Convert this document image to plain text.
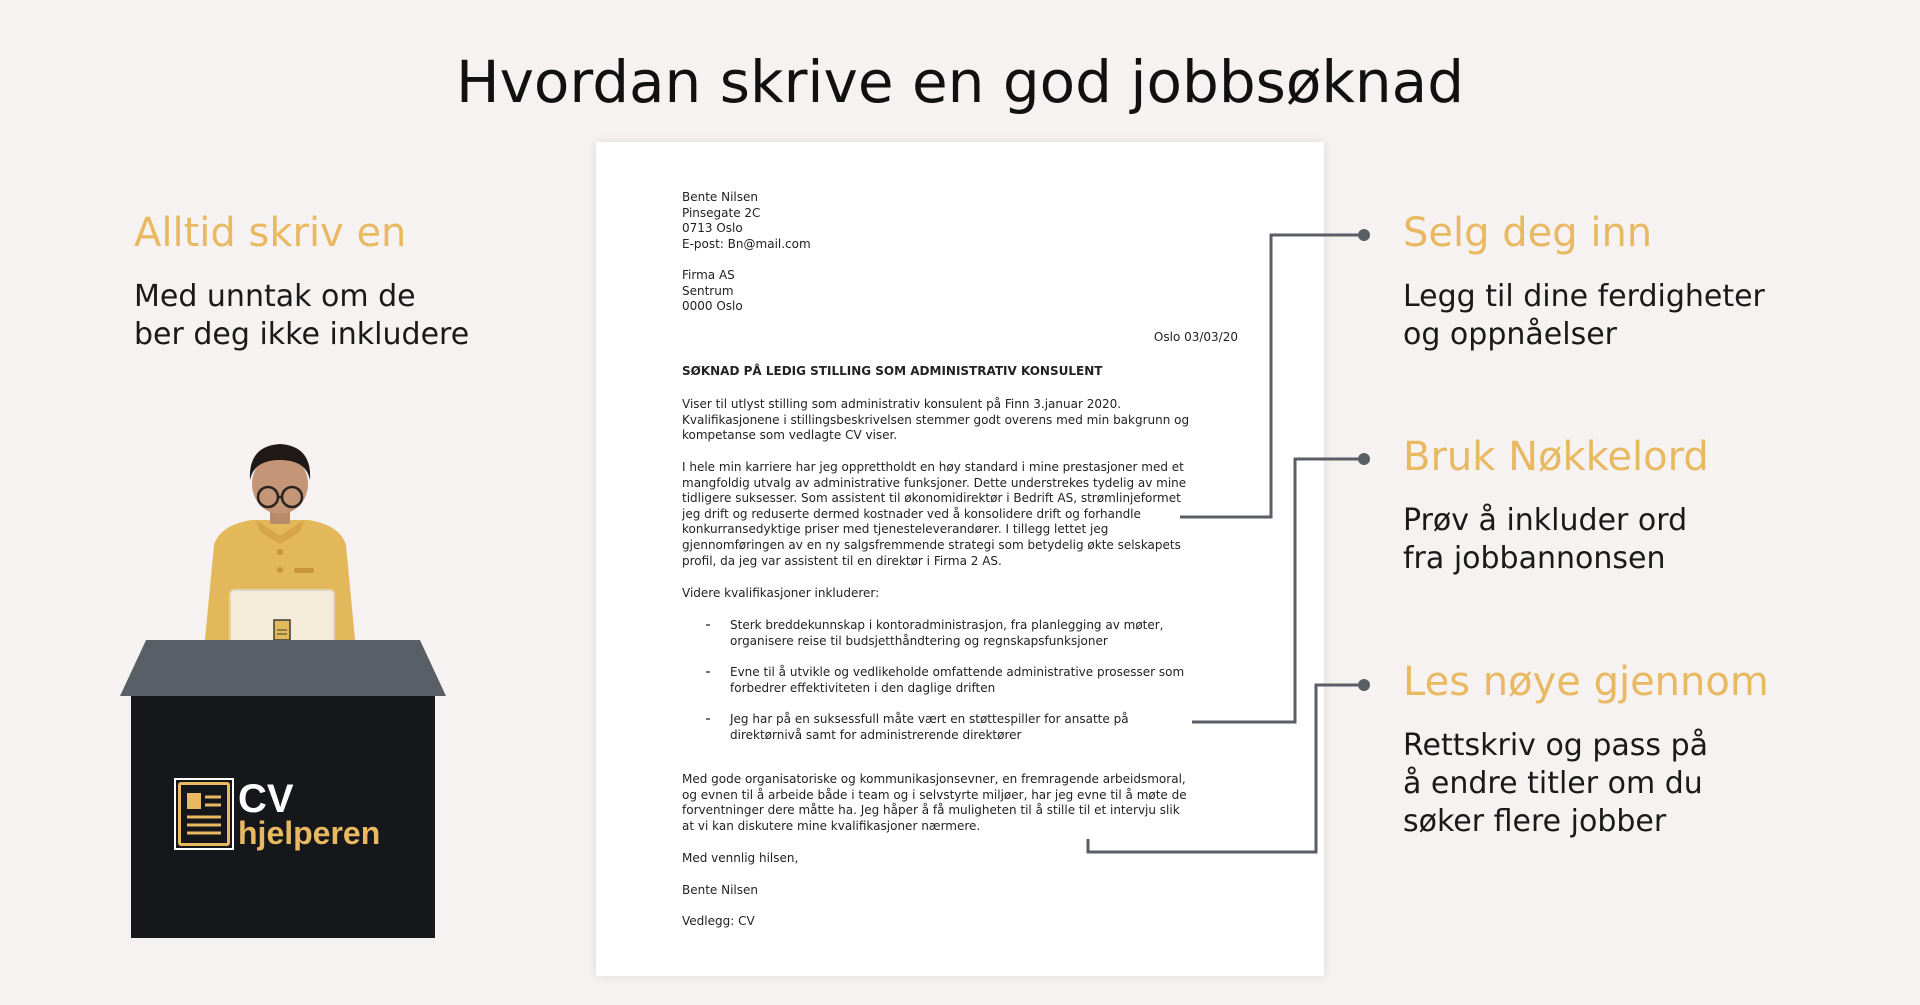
Hvordan skrive en god jobbsøknad
Alltid skriv en
Med unntak om de
ber deg ikke inkludere
Selg deg inn
Legg til dine ferdigheter
og oppnåelser
Bruk Nøkkelord
Prøv å inkluder ord
fra jobbannonsen
Les nøye gjennom
Rettskriv og pass på
å endre titler om du
søker flere jobber
Bente Nilsen
Pinsegate 2C
0713 Oslo
E-post: Bn@mail.com
Firma AS
Sentrum
0000 Oslo
Oslo 03/03/20
SØKNAD PÅ LEDIG STILLING SOM ADMINISTRATIV KONSULENT
Viser til utlyst stilling som administrativ konsulent på Finn 3.januar 2020.
Kvalifikasjonene i stillingsbeskrivelsen stemmer godt overens med min bakgrunn og
kompetanse som vedlagte CV viser.
I hele min karriere har jeg opprettholdt en høy standard i mine prestasjoner med et
mangfoldig utvalg av administrative funksjoner. Dette understrekes tydelig av mine
tidligere suksesser. Som assistent til økonomidirektør i Bedrift AS, strømlinjeformet
jeg drift og reduserte dermed kostnader ved å konsolidere drift og forhandle
konkurransedyktige priser med tjenesteleverandører. I tillegg lettet jeg
gjennomføringen av en ny salgsfremmende strategi som betydelig økte selskapets
profil, da jeg var assistent til en direktør i Firma 2 AS.
Videre kvalifikasjoner inkluderer:
Sterk breddekunnskap i kontoradministrasjon, fra planlegging av møter,
organisere reise til budsjetthåndtering og regnskapsfunksjoner
Evne til å utvikle og vedlikeholde omfattende administrative prosesser som
forbedrer effektiviteten i den daglige driften
Jeg har på en suksessfull måte vært en støttespiller for ansatte på
direktørnivå samt for administrerende direktører
Med gode organisatoriske og kommunikasjonsevner, en fremragende arbeidsmoral,
og evnen til å arbeide både i team og i selvstyrte miljøer, har jeg evne til å møte de
forventninger dere måtte ha. Jeg håper å få muligheten til å stille til et intervju slik
at vi kan diskutere mine kvalifikasjoner nærmere.
Med vennlig hilsen,
Bente Nilsen
Vedlegg: CV
CV
hjelperen
